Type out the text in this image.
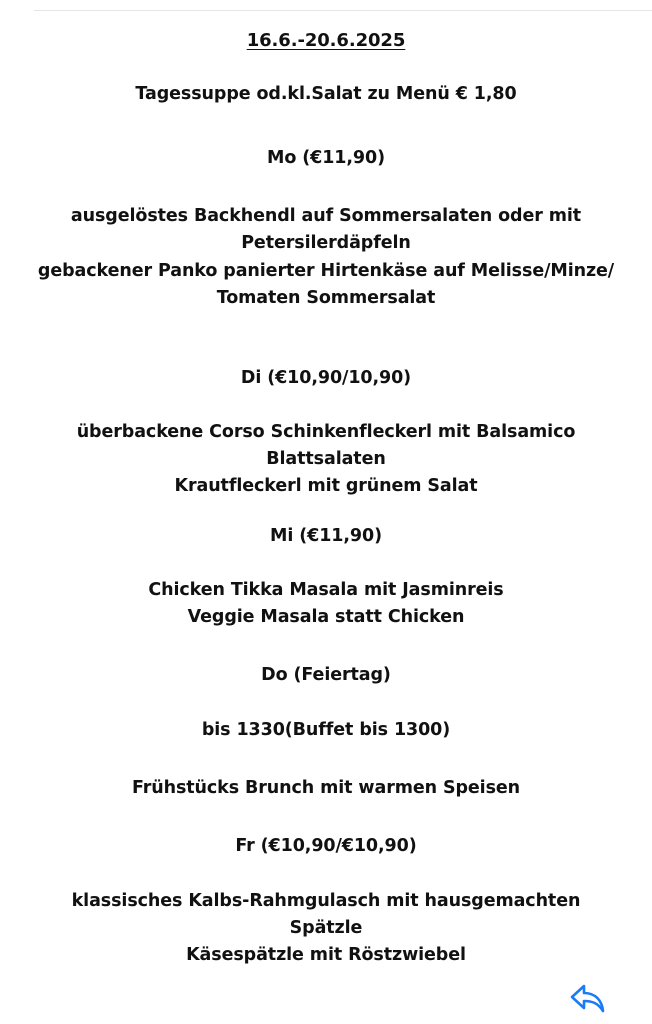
16.6.-20.6.2025
Tagessuppe od.kl.Salat zu Menü € 1,80
Mo (€11,90)
ausgelöstes Backhendl auf Sommersalaten oder mit
Petersilerdäpfeln
gebackener Panko panierter Hirtenkäse auf Melisse/Minze/
Tomaten Sommersalat
Di (€10,90/10,90)
überbackene Corso Schinkenfleckerl mit Balsamico
Blattsalaten
Krautfleckerl mit grünem Salat
Mi (€11,90)
Chicken Tikka Masala mit Jasminreis
Veggie Masala statt Chicken
Do (Feiertag)
bis 1330(Buffet bis 1300)
Frühstücks Brunch mit warmen Speisen
Fr (€10,90/€10,90)
klassisches Kalbs-Rahmgulasch mit hausgemachten
Spätzle
Käsespätzle mit Röstzwiebel
